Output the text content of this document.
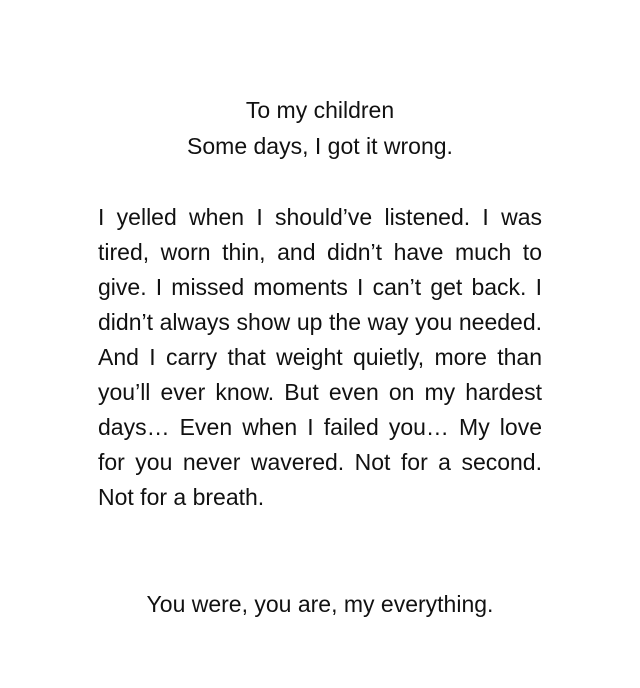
To my children
Some days, I got it wrong.

I yelled when I should’ve listened. I was tired, worn thin, and didn’t have much to give. I missed moments I can’t get back. I didn’t always show up the way you needed. And I carry that weight quietly, more than you’ll ever know. But even on my hardest days… Even when I failed you… My love for you never wavered. Not for a second. Not for a breath.

You were, you are, my everything.
